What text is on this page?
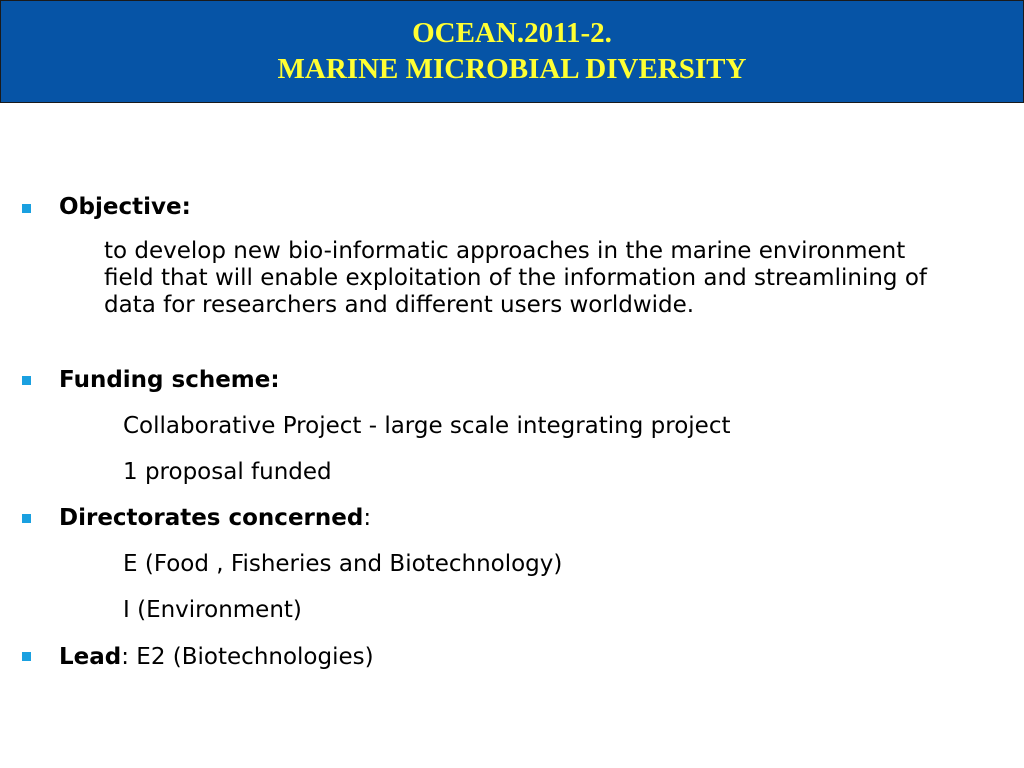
OCEAN.2011-2.
MARINE MICROBIAL DIVERSITY
Objective:
to develop new bio-informatic approaches in the marine environment field that will enable exploitation of the information and streamlining of data for researchers and different users worldwide.
Funding scheme:
Collaborative Project - large scale integrating project
1 proposal funded
Directorates concerned:
E (Food , Fisheries and Biotechnology)
I (Environment)
Lead: E2 (Biotechnologies)
